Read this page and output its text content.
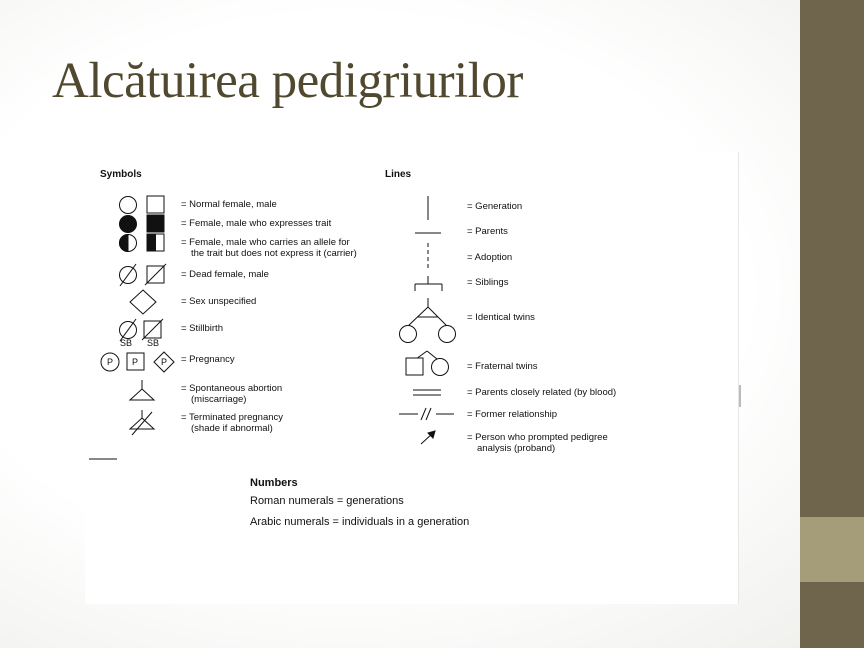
Alcătuirea pedigriurilor
SB SB
P P	P
Symbols	Lines
= Normal female, male
= Female, male who expresses trait
= Female, male who carries an allele for
the trait but does not express it (carrier)
= Dead female, male
= Sex unspecified
= Stillbirth
= Pregnancy
= Spontaneous abortion
(miscarriage)
= Terminated pregnancy
(shade if abnormal)
= Generation
= Parents
= Adoption
= Siblings
= Identical twins
= Fraternal twins
= Parents closely related (by blood)
= Former relationship
= Person who prompted pedigree
analysis (proband)
Numbers
Roman numerals = generations
Arabic numerals = individuals in a generation
